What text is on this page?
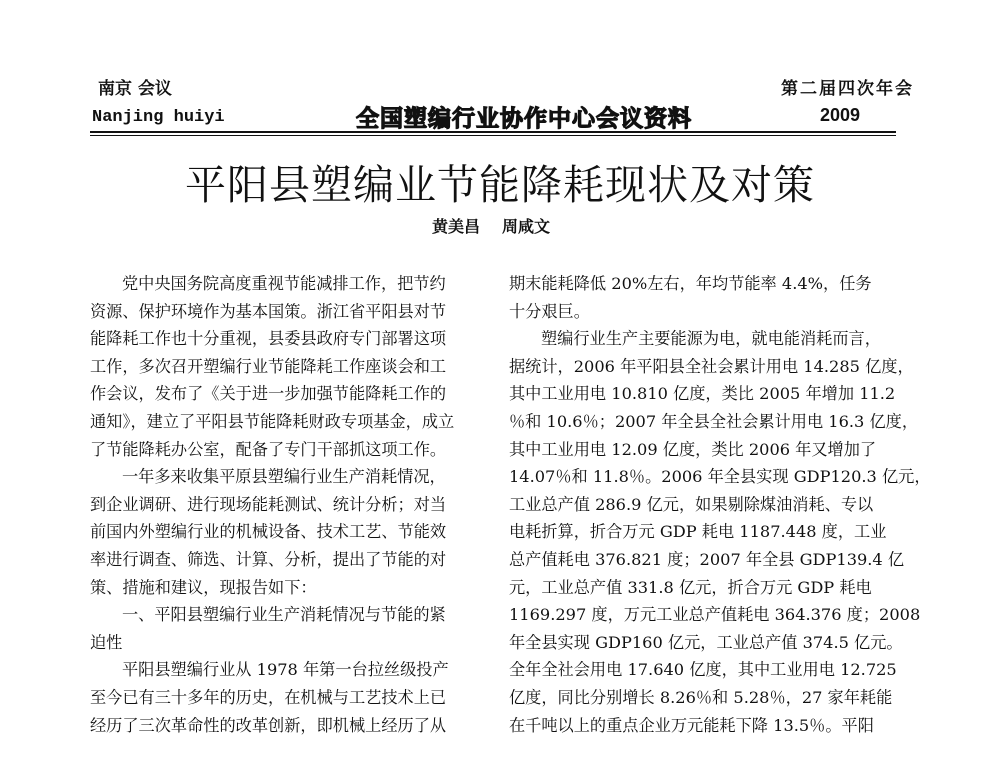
南京 会议
Nanjing huiyi	全国塑编行业协作中心会议资料
第二届四次年会
2009
平阳县塑编业节能降耗现状及对策
黄美昌 周咸文
党中央国务院高度重视节能减排工作，把节约
资源、保护环境作为基本国策。浙江省平阳县对节
能降耗工作也十分重视，县委县政府专门部署这项
工作，多次召开塑编行业节能降耗工作座谈会和工
作会议，发布了《关于进一步加强节能降耗工作的
通知》，建立了平阳县节能降耗财政专项基金，成立
了节能降耗办公室，配备了专门干部抓这项工作。
一年多来收集平原县塑编行业生产消耗情况，
到企业调研、进行现场能耗测试、统计分析；对当
前国内外塑编行业的机械设备、技术工艺、节能效
率进行调查、筛选、计算、分析，提出了节能的对
策、措施和建议，现报告如下：
一、平阳县塑编行业生产消耗情况与节能的紧
迫性
平阳县塑编行业从 1978 年第一台拉丝级投产
至今已有三十多年的历史，在机械与工艺技术上已
经历了三次革命性的改革创新，即机械上经历了从
期末能耗降低 20%左右，年均节能率 4.4%，任务
十分艰巨。
塑编行业生产主要能源为电，就电能消耗而言，
据统计，2006 年平阳县全社会累计用电 14.285 亿度，
其中工业用电 10.810 亿度，类比 2005 年增加 11.2
％和 10.6％；2007 年全县全社会累计用电 16.3 亿度，
其中工业用电 12.09 亿度，类比 2006 年又增加了
14.07％和 11.8％。2006 年全县实现 GDP120.3 亿元，
工业总产值 286.9 亿元，如果剔除煤油消耗、专以
电耗折算，折合万元 GDP 耗电 1187.448 度，工业
总产值耗电 376.821 度；2007 年全县 GDP139.4 亿
元，工业总产值 331.8 亿元，折合万元 GDP 耗电
1169.297 度，万元工业总产值耗电 364.376 度；2008
年全县实现 GDP160 亿元，工业总产值 374.5 亿元。
全年全社会用电 17.640 亿度，其中工业用电 12.725
亿度，同比分别增长 8.26％和 5.28％，27 家年耗能
在千吨以上的重点企业万元能耗下降 13.5％。平阳
